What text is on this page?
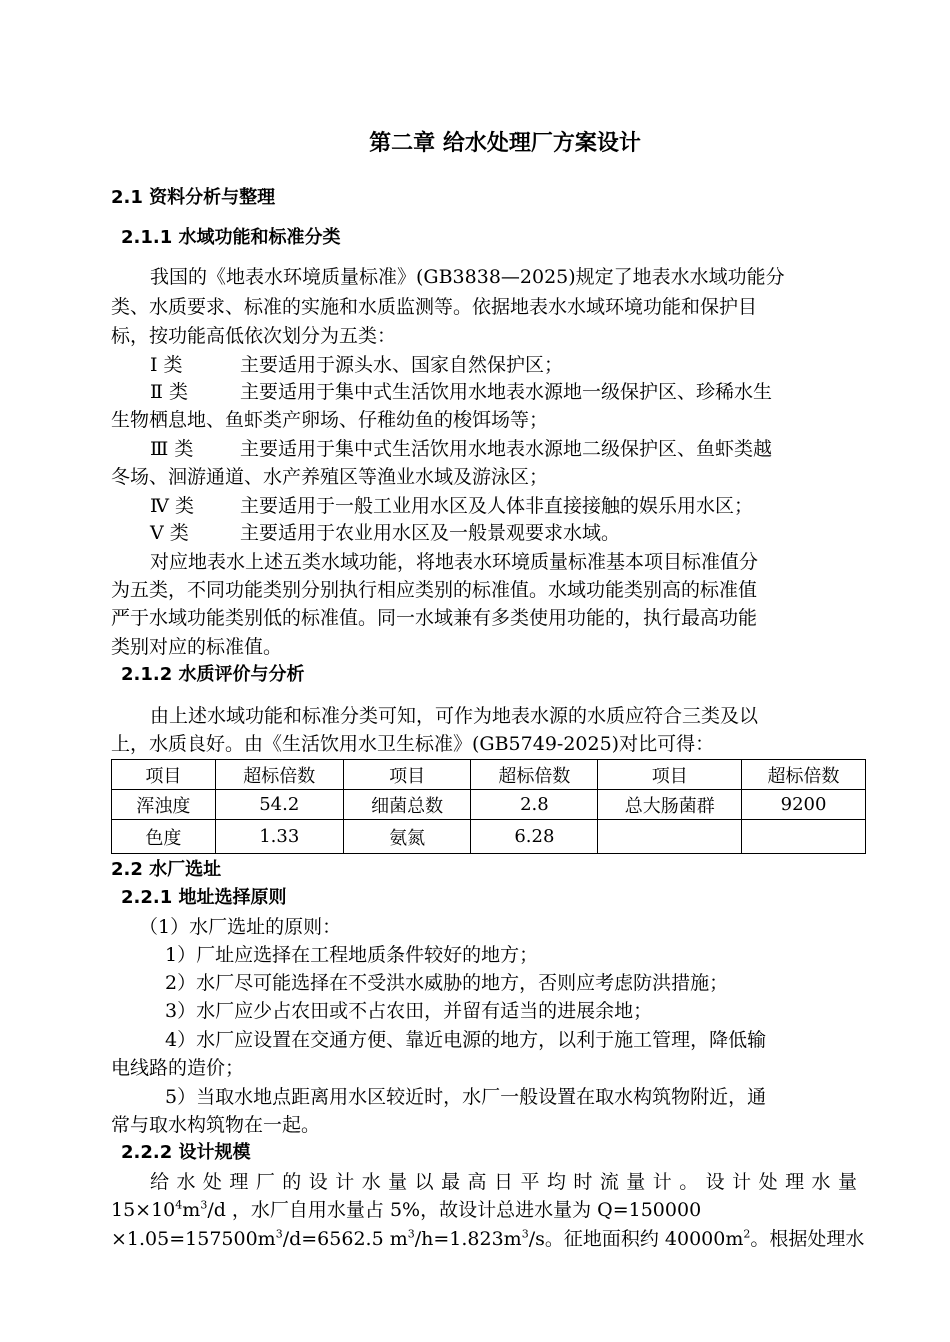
第二章 给水处理厂方案设计
2.1 资料分析与整理
2.1.1 水域功能和标准分类
我国的《地表水环境质量标准》(GB3838—2025)规定了地表水水域功能分
类、水质要求、标准的实施和水质监测等。依据地表水水域环境功能和保护目
标，按功能高低依次划分为五类：
Ⅰ 类	主要适用于源头水、国家自然保护区；
Ⅱ 类	主要适用于集中式生活饮用水地表水源地一级保护区、珍稀水生
生物栖息地、鱼虾类产卵场、仔稚幼鱼的梭饵场等；
Ⅲ 类 主要适用于集中式生活饮用水地表水源地二级保护区、鱼虾类越
冬场、洄游通道、水产养殖区等渔业水域及游泳区；
Ⅳ 类 主要适用于一般工业用水区及人体非直接接触的娱乐用水区；
Ⅴ 类	主要适用于农业用水区及一般景观要求水域。
对应地表水上述五类水域功能，将地表水环境质量标准基本项目标准值分
为五类，不同功能类别分别执行相应类别的标准值。水域功能类别高的标准值
严于水域功能类别低的标准值。同一水域兼有多类使用功能的，执行最高功能
类别对应的标准值。
2.1.2 水质评价与分析
由上述水域功能和标准分类可知，可作为地表水源的水质应符合三类及以
上，水质良好。由《生活饮用水卫生标准》(GB5749-2025)对比可得：
项目	超标倍数	项目	超标倍数	项目	超标倍数
浑浊度	54.2	细菌总数	2.8	总大肠菌群	9200
色度	1.33	氨氮	6.28		
2.2 水厂选址
2.2.1 地址选择原则
（1）水厂选址的原则：
1）厂址应选择在工程地质条件较好的地方；
2）水厂尽可能选择在不受洪水威胁的地方，否则应考虑防洪措施；
3）水厂应少占农田或不占农田，并留有适当的进展余地；
4）水厂应设置在交通方便、靠近电源的地方，以利于施工管理，降低输
电线路的造价；
5）当取水地点距离用水区较近时，水厂一般设置在取水构筑物附近，通
常与取水构筑物在一起。
2.2.2 设计规模
给水处理厂的设计水量以最高日平均时流量计。设计处理水量
$15\times 10^4m^3/d$ ，水厂自用水量占 5%，故设计总进水量为 Q=150000
$\times 1.05=157500m^3/d=6562.5$ $m^3/h=1.823m^3/s$。征地面积约 $40000m^2$。根据处理水
